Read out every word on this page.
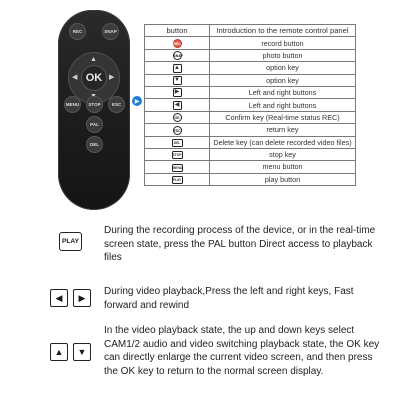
REC	SNAP
▲
◀	▶
OK
MENU	STOP	ESC
PAL
DEL
▶
button	Introduction to the remote control panel
REC	record button
SNAP	photo button
▲	option key
▼	option key
▶	Left and right buttons
◀	Left and right buttons
OK	Confirm key (Real-time status REC)
ESC	return key
DEL	Delete key (can delete recorded video files)
STOP	stop key
MENU	menu button
PLAY	play button
PLAY
During the recording process of the device, or in the real-time screen state, press the PAL button Direct access to playback files
◀	▶
During video playback,Press the left and right keys, Fast forward and rewind
▲	▼
In the video playback state, the up and down keys select CAM1/2 audio and video switching playback state, the OK key can directly enlarge the current video screen, and then press the OK key to return to the normal screen display.
